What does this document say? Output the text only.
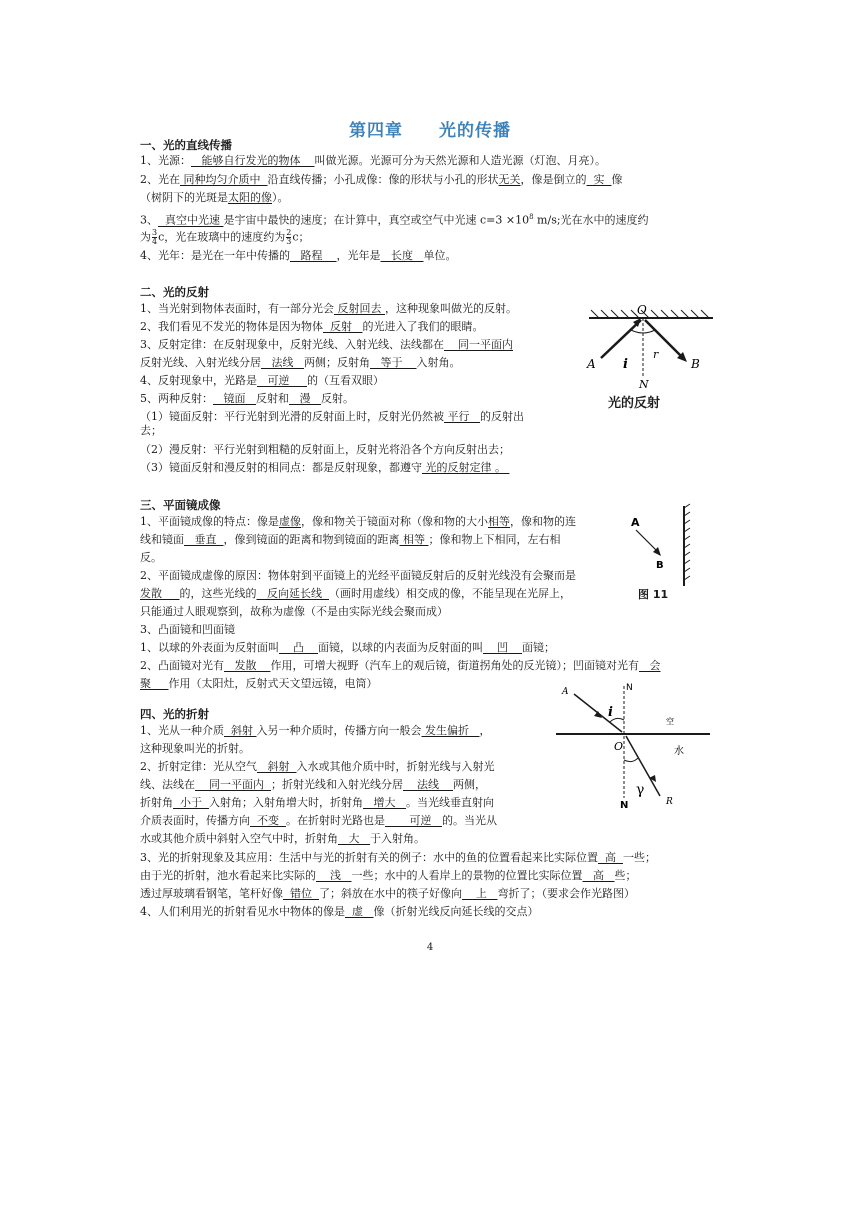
第四章 光的传播
一、光的直线传播
1、光源： 能够自行发光的物体 叫做光源。光源可分为天然光源和人造光源（灯泡、月亮）。
2、光在 同种均匀介质中 沿直线传播；小孔成像：像的形状与小孔的形状无关，像是倒立的 实 像
（树阴下的光斑是太阳的像）。
3、 真空中光速 是宇宙中最快的速度；在计算中，真空或空气中光速 $c=3 \times 10^8$ m/s;光在水中的速度约
为 $\frac{3}{4}$ c，光在玻璃中的速度约为 $\frac{2}{3}$ c；
4、光年：是光在一年中传播的 路程 ，光年是 长度 单位。
二、光的反射
1、当光射到物体表面时，有一部分光会 反射回去 ，这种现象叫做光的反射。
2、我们看见不发光的物体是因为物体 反射 的光进入了我们的眼睛。
3、反射定律：在反射现象中，反射光线、入射光线、法线都在 同一平面内
反射光线、入射光线分居 法线 两侧；反射角 等于 入射角。
4、反射现象中，光路是 可逆 的（互看双眼）
5、两种反射： 镜面 反射和 漫 反射。
（1）镜面反射：平行光射到光滑的反射面上时，反射光仍然被 平行 的反射出
去；
（2）漫反射：平行光射到粗糙的反射面上，反射光将沿各个方向反射出去；
（3）镜面反射和漫反射的相同点：都是反射现象，都遵守 光的反射定律 。
O
A	B
N
i
r
光的反射
三、平面镜成像
1、平面镜成像的特点：像是虚像，像和物关于镜面对称（像和物的大小相等，像和物的连
线和镜面 垂直 ，像到镜面的距离和物到镜面的距离 相等 ；像和物上下相同，左右相
反。
2、平面镜成虚像的原因：物体射到平面镜上的光经平面镜反射后的反射光线没有会聚而是
发散 的，这些光线的 反向延长线 （画时用虚线）相交成的像，不能呈现在光屏上，
只能通过人眼观察到，故称为虚像（不是由实际光线会聚而成）
3、凸面镜和凹面镜
1、以球的外表面为反射面叫 凸 面镜，以球的内表面为反射面的叫 凹 面镜；
2、凸面镜对光有 发散 作用，可增大视野（汽车上的观后镜，街道拐角处的反光镜）；凹面镜对光有 会
聚 作用（太阳灶，反射式天文望远镜，电筒）
A
B
图 11
四、光的折射
1、光从一种介质 斜射 入另一种介质时，传播方向一般会 发生偏折 ，
这种现象叫光的折射。
2、折射定律：光从空气 斜射 入水或其他介质中时，折射光线与入射光
线、法线在 同一平面内 ；折射光线和入射光线分居 法线 两侧，
折射角 小于 入射角；入射角增大时，折射角 增大 。当光线垂直射向
介质表面时，传播方向 不变 。在折射时光路也是 可逆 的。当光从
水或其他介质中斜射入空气中时，折射角 大 于入射角。
3、光的折射现象及其应用：生活中与光的折射有关的例子：水中的鱼的位置看起来比实际位置 高 一些；
由于光的折射，池水看起来比实际的 浅 一些；水中的人看岸上的景物的位置比实际位置 高 些；
透过厚玻璃看钢笔，笔杆好像 错位 了；斜放在水中的筷子好像向 上 弯折了；（要求会作光路图）
4、人们利用光的折射看见水中物体的像是 虚 像（折射光线反向延长线的交点）
A	N
i
空
O	水
N
γ
R
4
